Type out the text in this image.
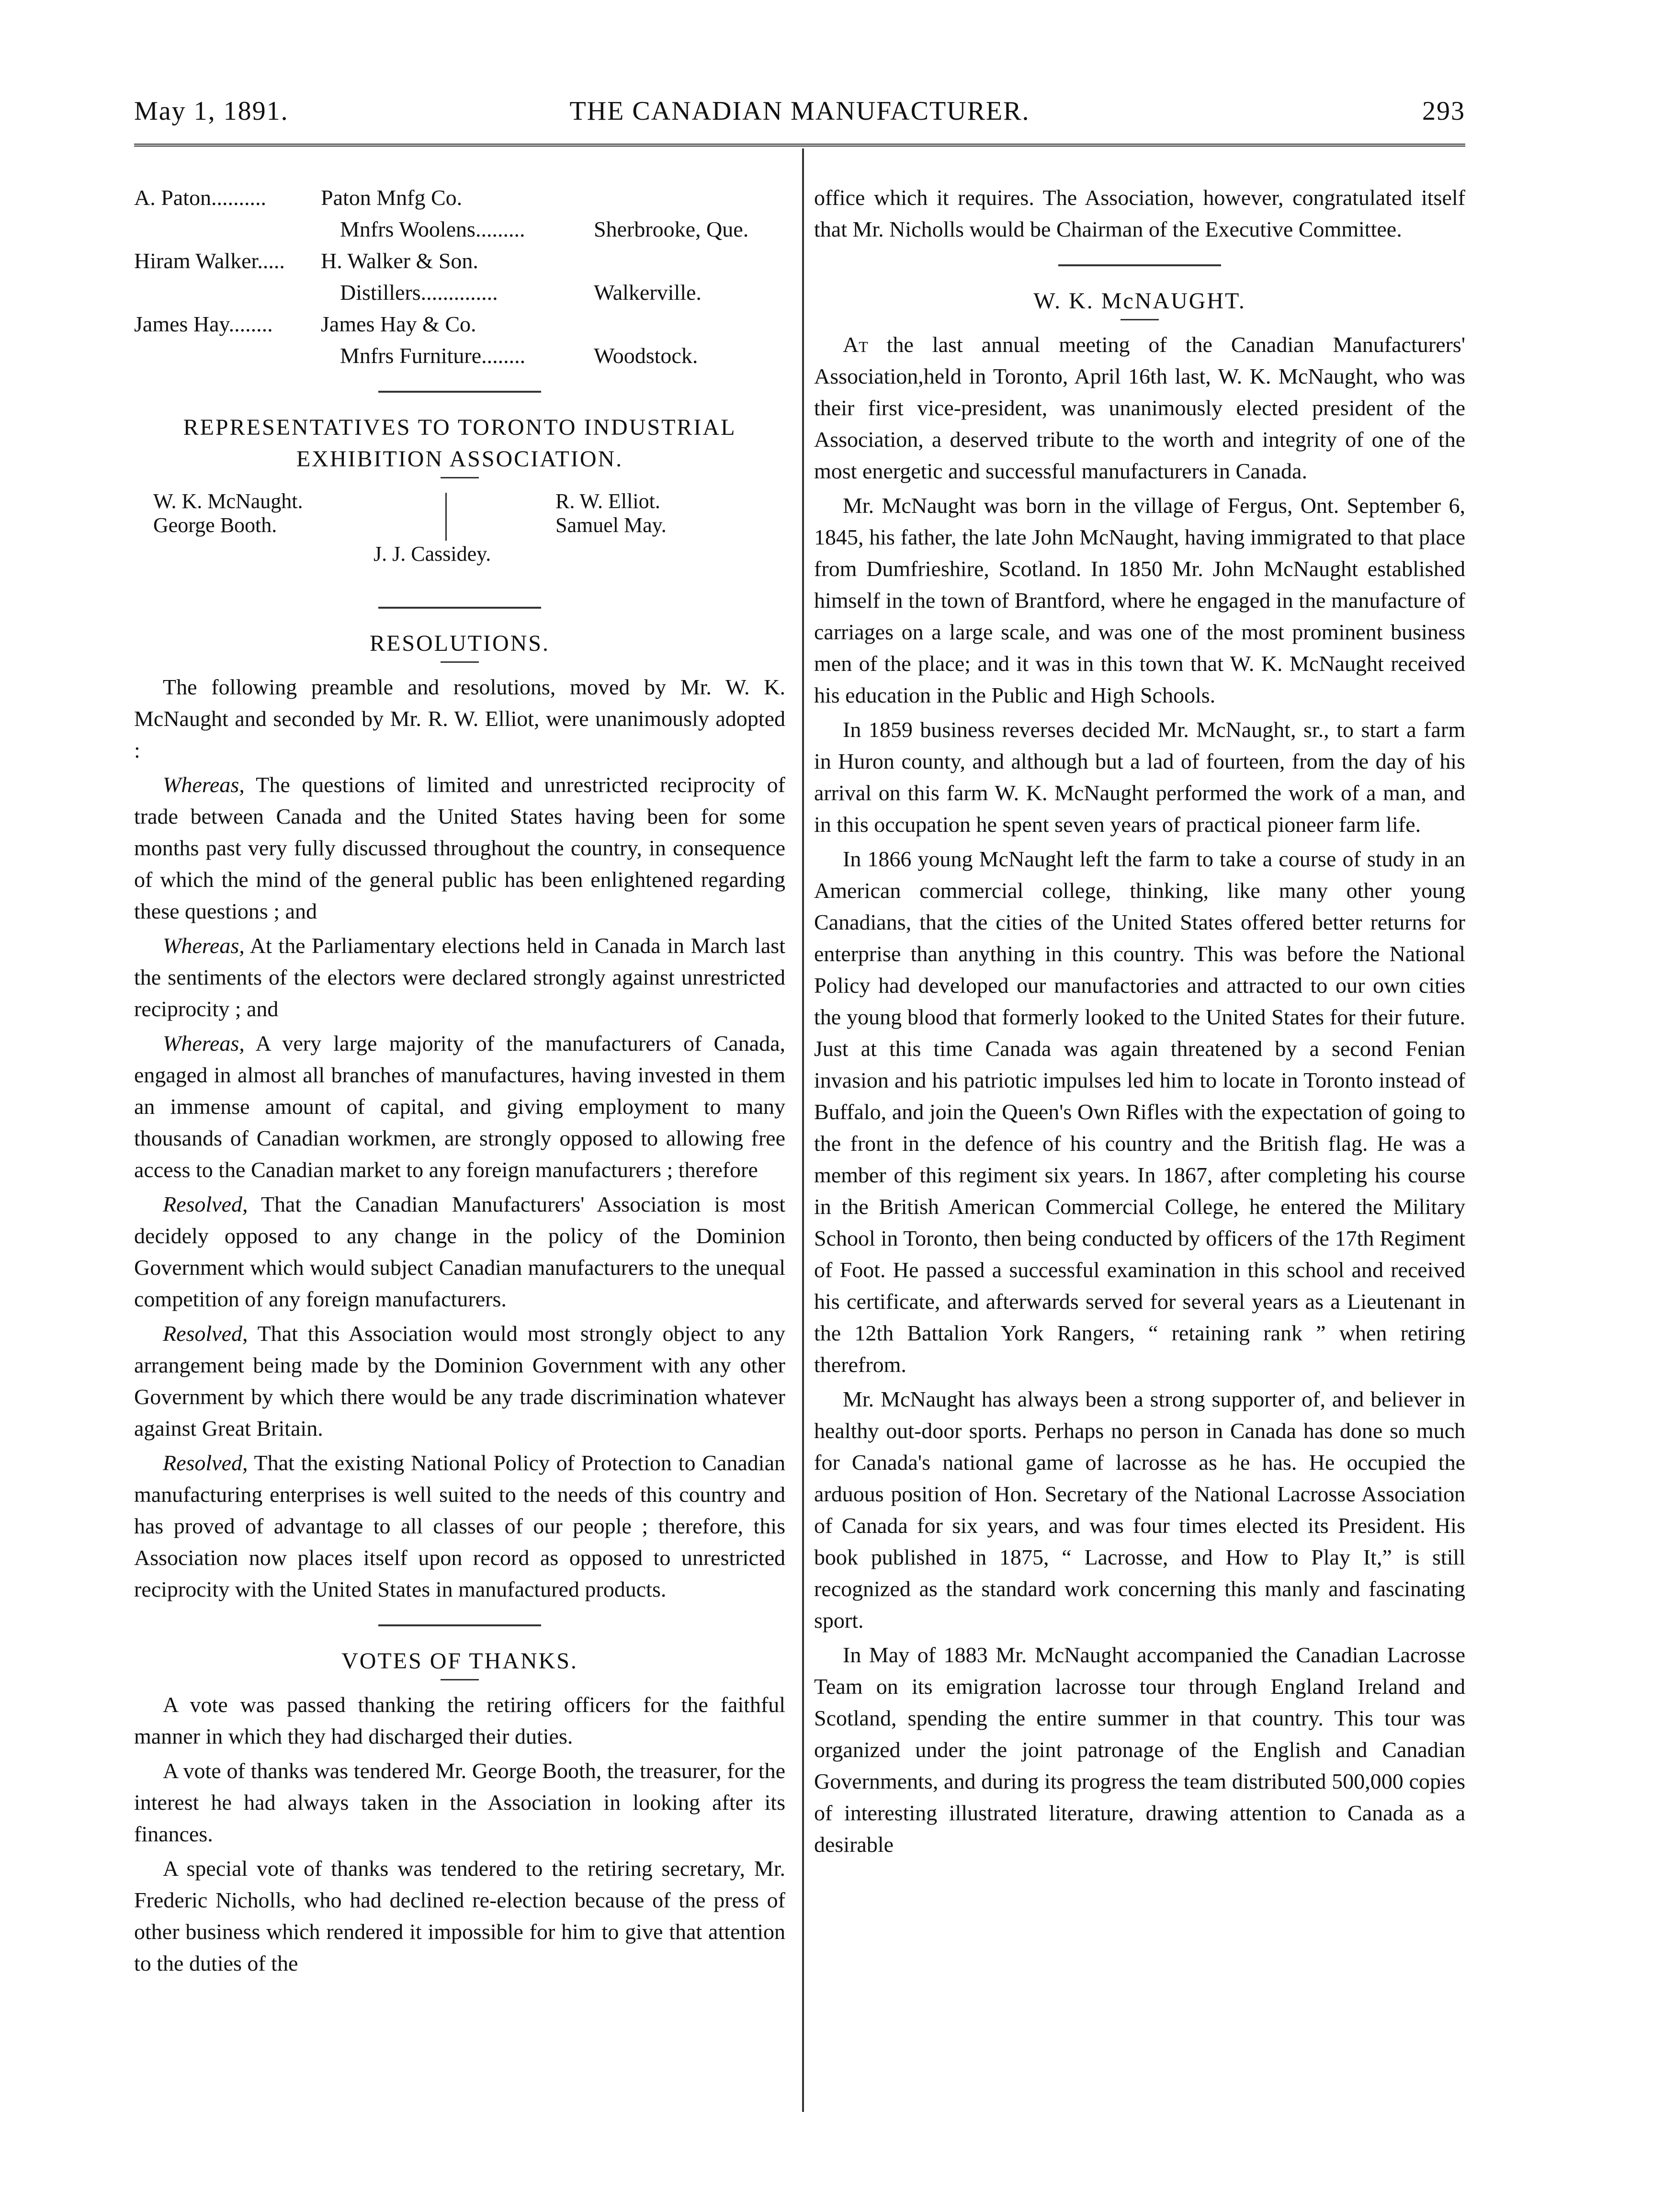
May 1, 1891.	THE CANADIAN MANUFACTURER.	293
A. Paton.......... Paton Mnfg Co.
Mnfrs Woolens.........	Sherbrooke, Que.
Hiram Walker..... H. Walker & Son.
Distillers..............	Walkerville.
James Hay........ James Hay & Co.
Mnfrs Furniture........	Woodstock.
REPRESENTATIVES TO TORONTO INDUSTRIAL
EXHIBITION ASSOCIATION.
W. K. McNaught.
George Booth.
R. W. Elliot.
Samuel May.
J. J. Cassidey.
RESOLUTIONS.

The following preamble and resolutions, moved by Mr. W. K. McNaught and seconded by Mr. R. W. Elliot, were unanimously adopted :

Whereas, The questions of limited and unrestricted reciprocity of trade between Canada and the United States having been for some months past very fully discussed throughout the country, in consequence of which the mind of the general public has been enlightened regarding these questions ; and

Whereas, At the Parliamentary elections held in Canada in March last the sentiments of the electors were declared strongly against unrestricted reciprocity ; and

Whereas, A very large majority of the manufacturers of Canada, engaged in almost all branches of manufactures, having invested in them an immense amount of capital, and giving employment to many thousands of Canadian workmen, are strongly opposed to allowing free access to the Canadian market to any foreign manufacturers ; therefore

Resolved, That the Canadian Manufacturers' Association is most decidely opposed to any change in the policy of the Dominion Government which would subject Canadian manufacturers to the unequal competition of any foreign manufacturers.

Resolved, That this Association would most strongly object to any arrangement being made by the Dominion Government with any other Government by which there would be any trade discrimination whatever against Great Britain.

Resolved, That the existing National Policy of Protection to Canadian manufacturing enterprises is well suited to the needs of this country and has proved of advantage to all classes of our people ; therefore, this Association now places itself upon record as opposed to unrestricted reciprocity with the United States in manufactured products.

VOTES OF THANKS.

A vote was passed thanking the retiring officers for the faithful manner in which they had discharged their duties.

A vote of thanks was tendered Mr. George Booth, the treasurer, for the interest he had always taken in the Association in looking after its finances.

A special vote of thanks was tendered to the retiring secretary, Mr. Frederic Nicholls, who had declined re-election because of the press of other business which rendered it impossible for him to give that attention to the duties of the

office which it requires. The Association, however, congratulated itself that Mr. Nicholls would be Chairman of the Executive Committee.

W. K. McNAUGHT.

At the last annual meeting of the Canadian Manufacturers' Association,held in Toronto, April 16th last, W. K. McNaught, who was their first vice-president, was unanimously elected president of the Association, a deserved tribute to the worth and integrity of one of the most energetic and successful manufacturers in Canada.

Mr. McNaught was born in the village of Fergus, Ont. September 6, 1845, his father, the late John McNaught, having immigrated to that place from Dumfrieshire, Scotland. In 1850 Mr. John McNaught established himself in the town of Brantford, where he engaged in the manufacture of carriages on a large scale, and was one of the most prominent business men of the place; and it was in this town that W. K. McNaught received his education in the Public and High Schools.

In 1859 business reverses decided Mr. McNaught, sr., to start a farm in Huron county, and although but a lad of fourteen, from the day of his arrival on this farm W. K. McNaught performed the work of a man, and in this occupation he spent seven years of practical pioneer farm life.

In 1866 young McNaught left the farm to take a course of study in an American commercial college, thinking, like many other young Canadians, that the cities of the United States offered better returns for enterprise than anything in this country. This was before the National Policy had developed our manufactories and attracted to our own cities the young blood that formerly looked to the United States for their future. Just at this time Canada was again threatened by a second Fenian invasion and his patriotic impulses led him to locate in Toronto instead of Buffalo, and join the Queen's Own Rifles with the expectation of going to the front in the defence of his country and the British flag. He was a member of this regiment six years. In 1867, after completing his course in the British American Commercial College, he entered the Military School in Toronto, then being conducted by officers of the 17th Regiment of Foot. He passed a successful examination in this school and received his certificate, and afterwards served for several years as a Lieutenant in the 12th Battalion York Rangers, “ retaining rank ” when retiring therefrom.

Mr. McNaught has always been a strong supporter of, and believer in healthy out-door sports. Perhaps no person in Canada has done so much for Canada's national game of lacrosse as he has. He occupied the arduous position of Hon. Secretary of the National Lacrosse Association of Canada for six years, and was four times elected its President. His book published in 1875, “ Lacrosse, and How to Play It,” is still recognized as the standard work concerning this manly and fascinating sport.

In May of 1883 Mr. McNaught accompanied the Canadian Lacrosse Team on its emigration lacrosse tour through England Ireland and Scotland, spending the entire summer in that country. This tour was organized under the joint patronage of the English and Canadian Governments, and during its progress the team distributed 500,000 copies of interesting illustrated literature, drawing attention to Canada as a desirable
